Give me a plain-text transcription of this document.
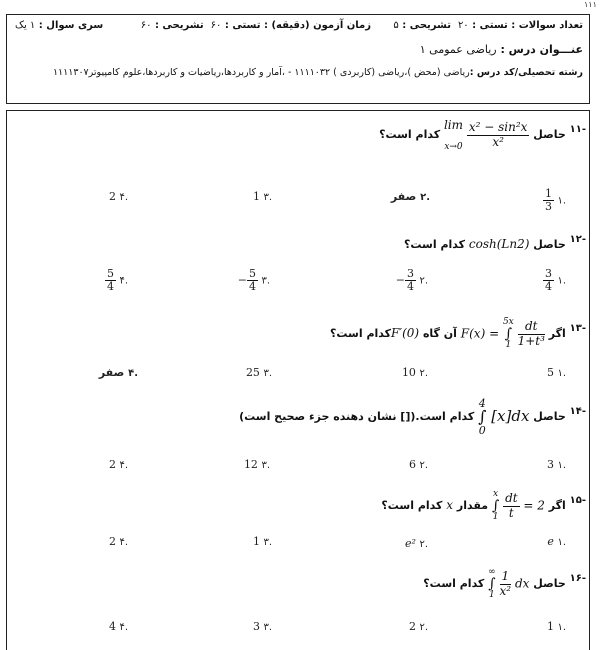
۱۱۱
تعداد سوالات : تستی : ۲۰  تشریحی : ۵
زمان آزمون (دقیقه) : تستی : ۶۰  تشریحی : ۶۰
سری سوال : ۱ یک
عنـــوان درس : ریاضی عمومی ۱
رشته تحصیلی/کد درس :ریاضی (محض )،ریاضی (کاربردی ) ۱۱۱۱۰۳۲ - ،آمار و کاربردها،ریاضیات و کاربردها،علوم کامپیوتر۱۱۱۱۳۰۷
-۱۱ حاصل
lim
x→0
$\frac{\text{x² − sin²x}}{\text{x²}}$
کدام است؟
.۱
$\frac{1}{3}$
.۲ صفر
.۳ 1
.۴ 2
-۱۲ حاصل cosh(Ln2) کدام است؟
.۱
$\frac{3}{4}$
.۲
$\frac{3}{4}$
−
.۳
$\frac{5}{4}$
−
.۴
$\frac{5}{4}$
-۱۳ اگر F(x) =
5x
∫
1
$\frac{dt}{\text{1+t³}}$
آن گاه F′(0)کدام است؟
.۱ 5
.۲ 10
.۳ 25
.۴ صفر
-۱۴ حاصل
4
∫
0
[x]dx کدام است.([] نشان دهنده جزء صحیح است)
.۱ 3
.۲ 6
.۳ 12
.۴ 2
-۱۵ اگر
x
∫
1
$\frac{dt}{t} = 2$ مقدار x کدام است؟
.۱ e
.۲ e²
.۳ 1
.۴ 2
-۱۶ حاصل
∞
∫
1
$\frac{1}{\text{x²}}$ dx کدام است؟
.۱ 1
.۲ 2
.۳ 3
.۴ 4
